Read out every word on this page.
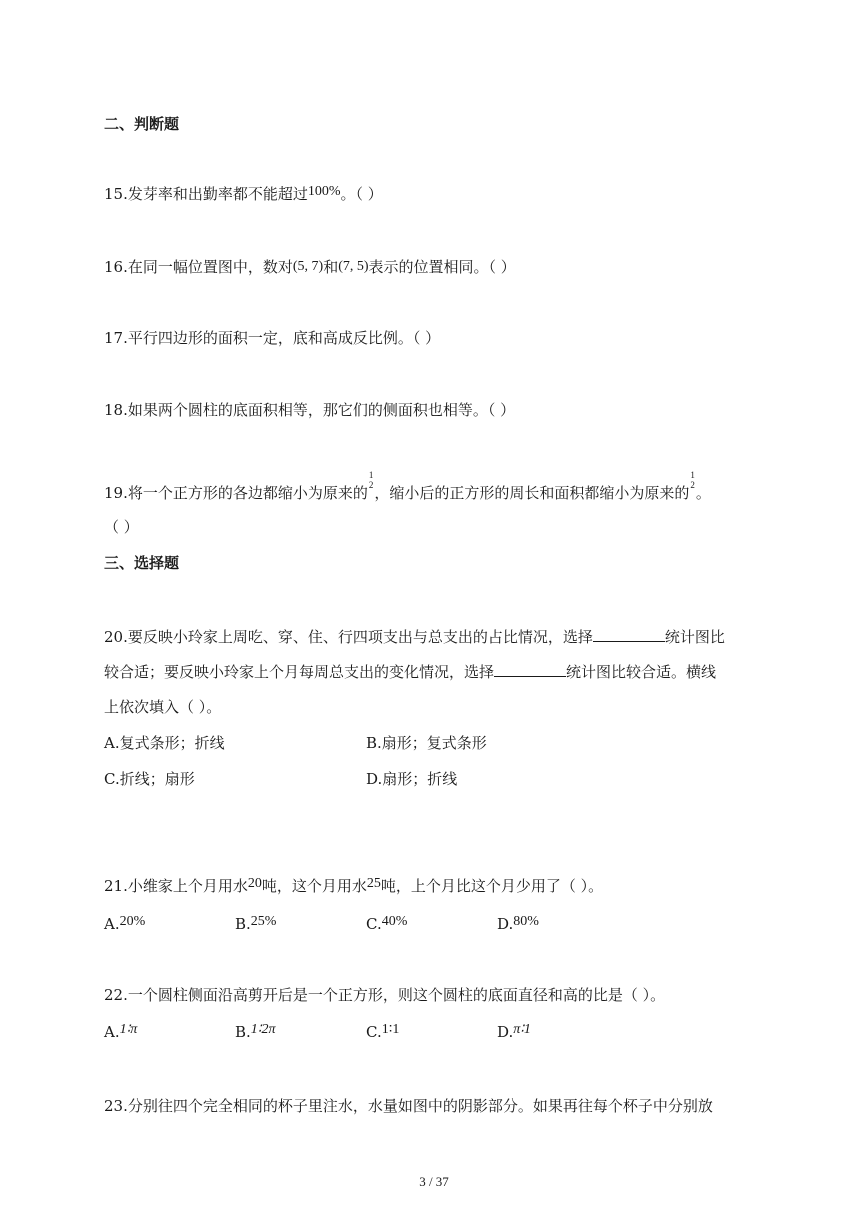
二、判断题
15.发芽率和出勤率都不能超过100%。（ ）
16.在同一幅位置图中，数对(5, 7)和(7, 5)表示的位置相同。（ ）
17.平行四边形的面积一定，底和高成反比例。（ ）
18.如果两个圆柱的底面积相等，那它们的侧面积也相等。（ ）
19.将一个正方形的各边都缩小为原来的
1
2 ，缩小后的正方形的周长和面积都缩小为原来的
1
2 。
（ ）
三、选择题
20.要反映小玲家上周吃、穿、住、行四项支出与总支出的占比情况，选择	统计图比
较合适；要反映小玲家上个月每周总支出的变化情况，选择	统计图比较合适。横线
上依次填入（ ）。
A.复式条形；折线	B.扇形；复式条形
C.折线；扇形	D.扇形；折线
21.小维家上个月用水20吨，这个月用水25吨，上个月比这个月少用了（ ）。
A.20%	B.25%	C.40%	D.80%
22.一个圆柱侧面沿高剪开后是一个正方形，则这个圆柱的底面直径和高的比是（ ）。
A.1∶π	B.1∶2π	C.1∶1	D.π∶1
23.分别往四个完全相同的杯子里注水，水量如图中的阴影部分。如果再往每个杯子中分别放
3 / 37
